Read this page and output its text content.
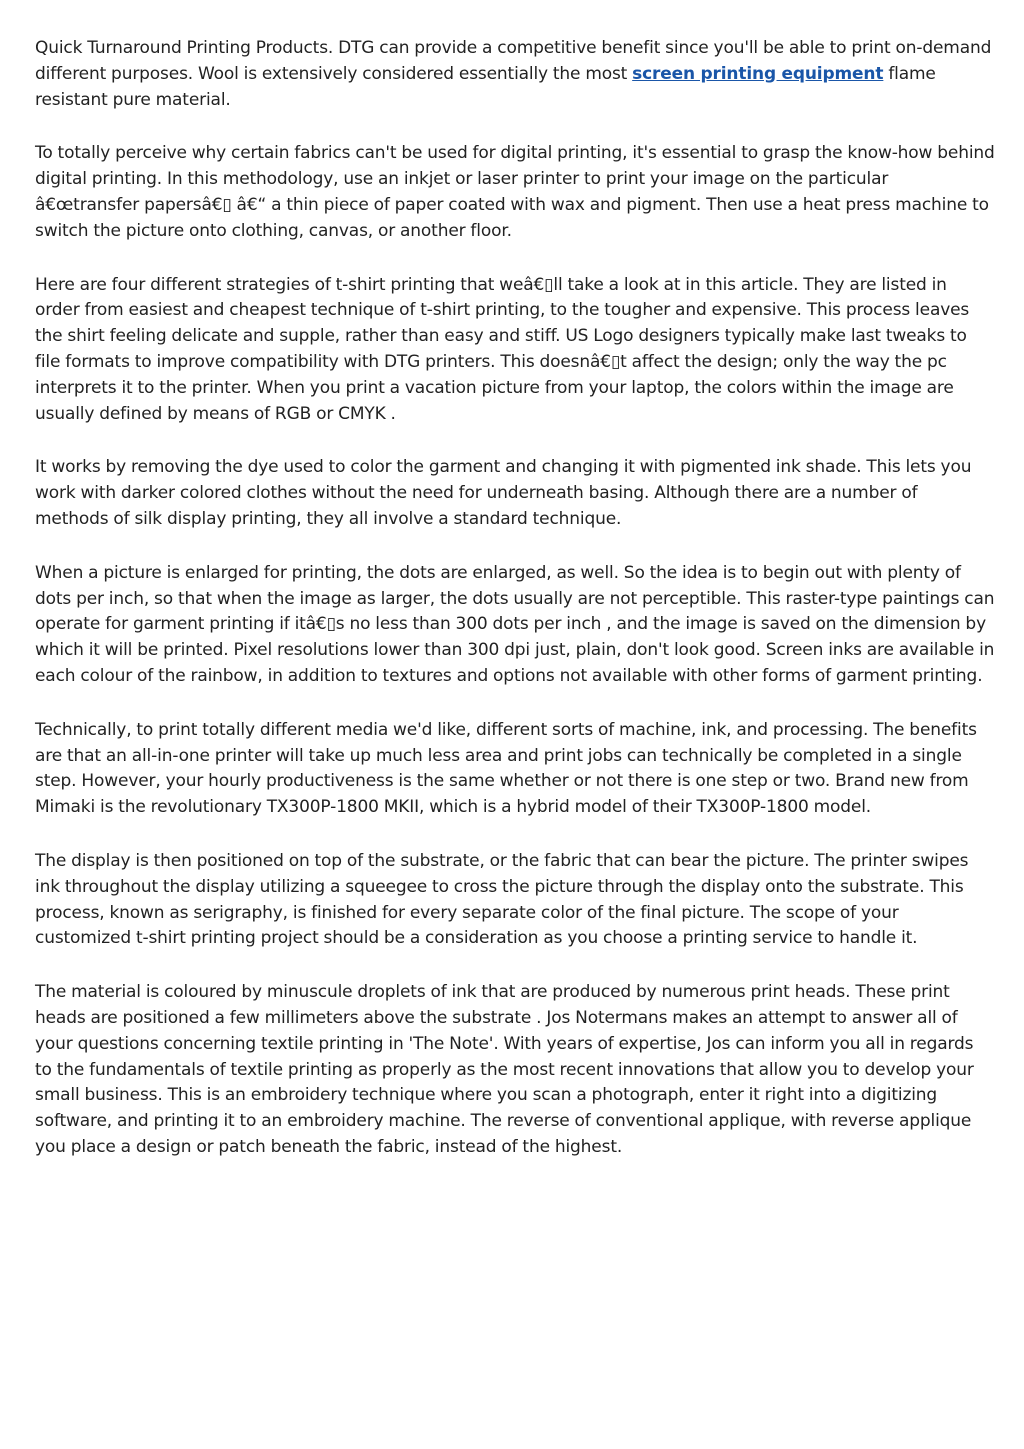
Quick Turnaround Printing Products. DTG can provide a competitive benefit since you'll be able to print on-demand different purposes. Wool is extensively considered essentially the most screen printing equipment flame resistant pure material.

To totally perceive why certain fabrics can't be used for digital printing, it's essential to grasp the know-how behind digital printing. In this methodology, use an inkjet or laser printer to print your image on the particular â€œtransfer papersâ€▯ â€“ a thin piece of paper coated with wax and pigment. Then use a heat press machine to switch the picture onto clothing, canvas, or another floor.

Here are four different strategies of t-shirt printing that weâ€▯ll take a look at in this article. They are listed in order from easiest and cheapest technique of t-shirt printing, to the tougher and expensive. This process leaves the shirt feeling delicate and supple, rather than easy and stiff. US Logo designers typically make last tweaks to file formats to improve compatibility with DTG printers. This doesnâ€▯t affect the design; only the way the pc interprets it to the printer. When you print a vacation picture from your laptop, the colors within the image are usually defined by means of RGB or CMYK .

It works by removing the dye used to color the garment and changing it with pigmented ink shade. This lets you work with darker colored clothes without the need for underneath basing. Although there are a number of methods of silk display printing, they all involve a standard technique.

When a picture is enlarged for printing, the dots are enlarged, as well. So the idea is to begin out with plenty of dots per inch, so that when the image as larger, the dots usually are not perceptible. This raster-type paintings can operate for garment printing if itâ€▯s no less than 300 dots per inch , and the image is saved on the dimension by which it will be printed. Pixel resolutions lower than 300 dpi just, plain, don't look good. Screen inks are available in each colour of the rainbow, in addition to textures and options not available with other forms of garment printing.

Technically, to print totally different media we'd like, different sorts of machine, ink, and processing. The benefits are that an all-in-one printer will take up much less area and print jobs can technically be completed in a single step. However, your hourly productiveness is the same whether or not there is one step or two. Brand new from Mimaki is the revolutionary TX300P-1800 MKII, which is a hybrid model of their TX300P-1800 model.

The display is then positioned on top of the substrate, or the fabric that can bear the picture. The printer swipes ink throughout the display utilizing a squeegee to cross the picture through the display onto the substrate. This process, known as serigraphy, is finished for every separate color of the final picture. The scope of your customized t-shirt printing project should be a consideration as you choose a printing service to handle it.

The material is coloured by minuscule droplets of ink that are produced by numerous print heads. These print heads are positioned a few millimeters above the substrate . Jos Notermans makes an attempt to answer all of your questions concerning textile printing in 'The Note'. With years of expertise, Jos can inform you all in regards to the fundamentals of textile printing as properly as the most recent innovations that allow you to develop your small business. This is an embroidery technique where you scan a photograph, enter it right into a digitizing software, and printing it to an embroidery machine. The reverse of conventional applique, with reverse applique you place a design or patch beneath the fabric, instead of the highest.
